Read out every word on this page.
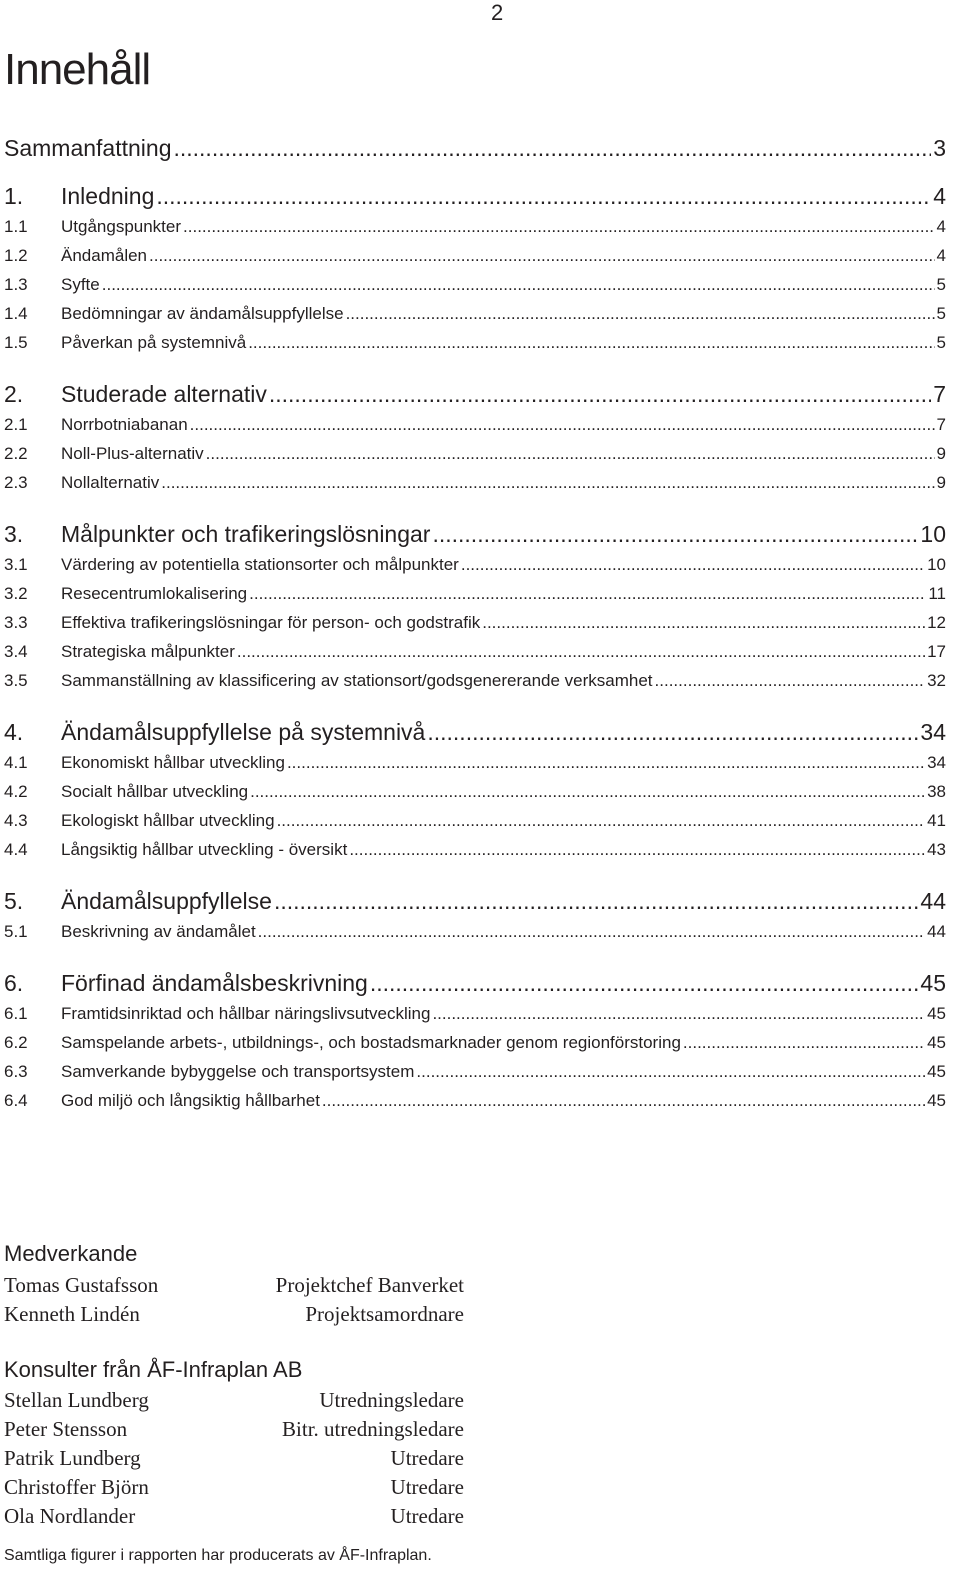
2
Innehåll
Sammanfattning .....	3
1.	Inledning .....	4
1.1	Utgångspunkter .....	4
1.2	Ändamålen .....	4
1.3	Syfte .....	5
1.4	Bedömningar av ändamålsuppfyllelse .....	5
1.5	Påverkan på systemnivå .....	5
2.	Studerade alternativ .....	7
2.1	Norrbotniabanan .....	7
2.2	Noll-Plus-alternativ .....	9
2.3	Nollalternativ .....	9
3.	Målpunkter och trafikeringslösningar .....	10
3.1	Värdering av potentiella stationsorter och målpunkter .....	10
3.2	Resecentrumlokalisering .....	11
3.3	Effektiva trafikeringslösningar för person- och godstrafik .....	12
3.4	Strategiska målpunkter .....	17
3.5	Sammanställning av klassificering av stationsort/godsgenererande verksamhet .....	32
4.	Ändamålsuppfyllelse på systemnivå .....	34
4.1	Ekonomiskt hållbar utveckling .....	34
4.2	Socialt hållbar utveckling .....	38
4.3	Ekologiskt hållbar utveckling .....	41
4.4	Långsiktig hållbar utveckling - översikt .....	43
5.	Ändamålsuppfyllelse .....	44
5.1	Beskrivning av ändamålet .....	44
6.	Förfinad ändamålsbeskrivning .....	45
6.1	Framtidsinriktad och hållbar näringslivsutveckling .....	45
6.2	Samspelande arbets-, utbildnings-, och bostadsmarknader genom regionförstoring .....	45
6.3	Samverkande bybyggelse och transportsystem .....	45
6.4	God miljö och långsiktig hållbarhet .....	45
Medverkande
Tomas Gustafsson	Projektchef Banverket
Kenneth Lindén	Projektsamordnare
Konsulter från ÅF-Infraplan AB
Stellan Lundberg	Utredningsledare
Peter Stensson	Bitr. utredningsledare
Patrik Lundberg	Utredare
Christoffer Björn	Utredare
Ola Nordlander	Utredare
Samtliga figurer i rapporten har producerats av ÅF-Infraplan.
